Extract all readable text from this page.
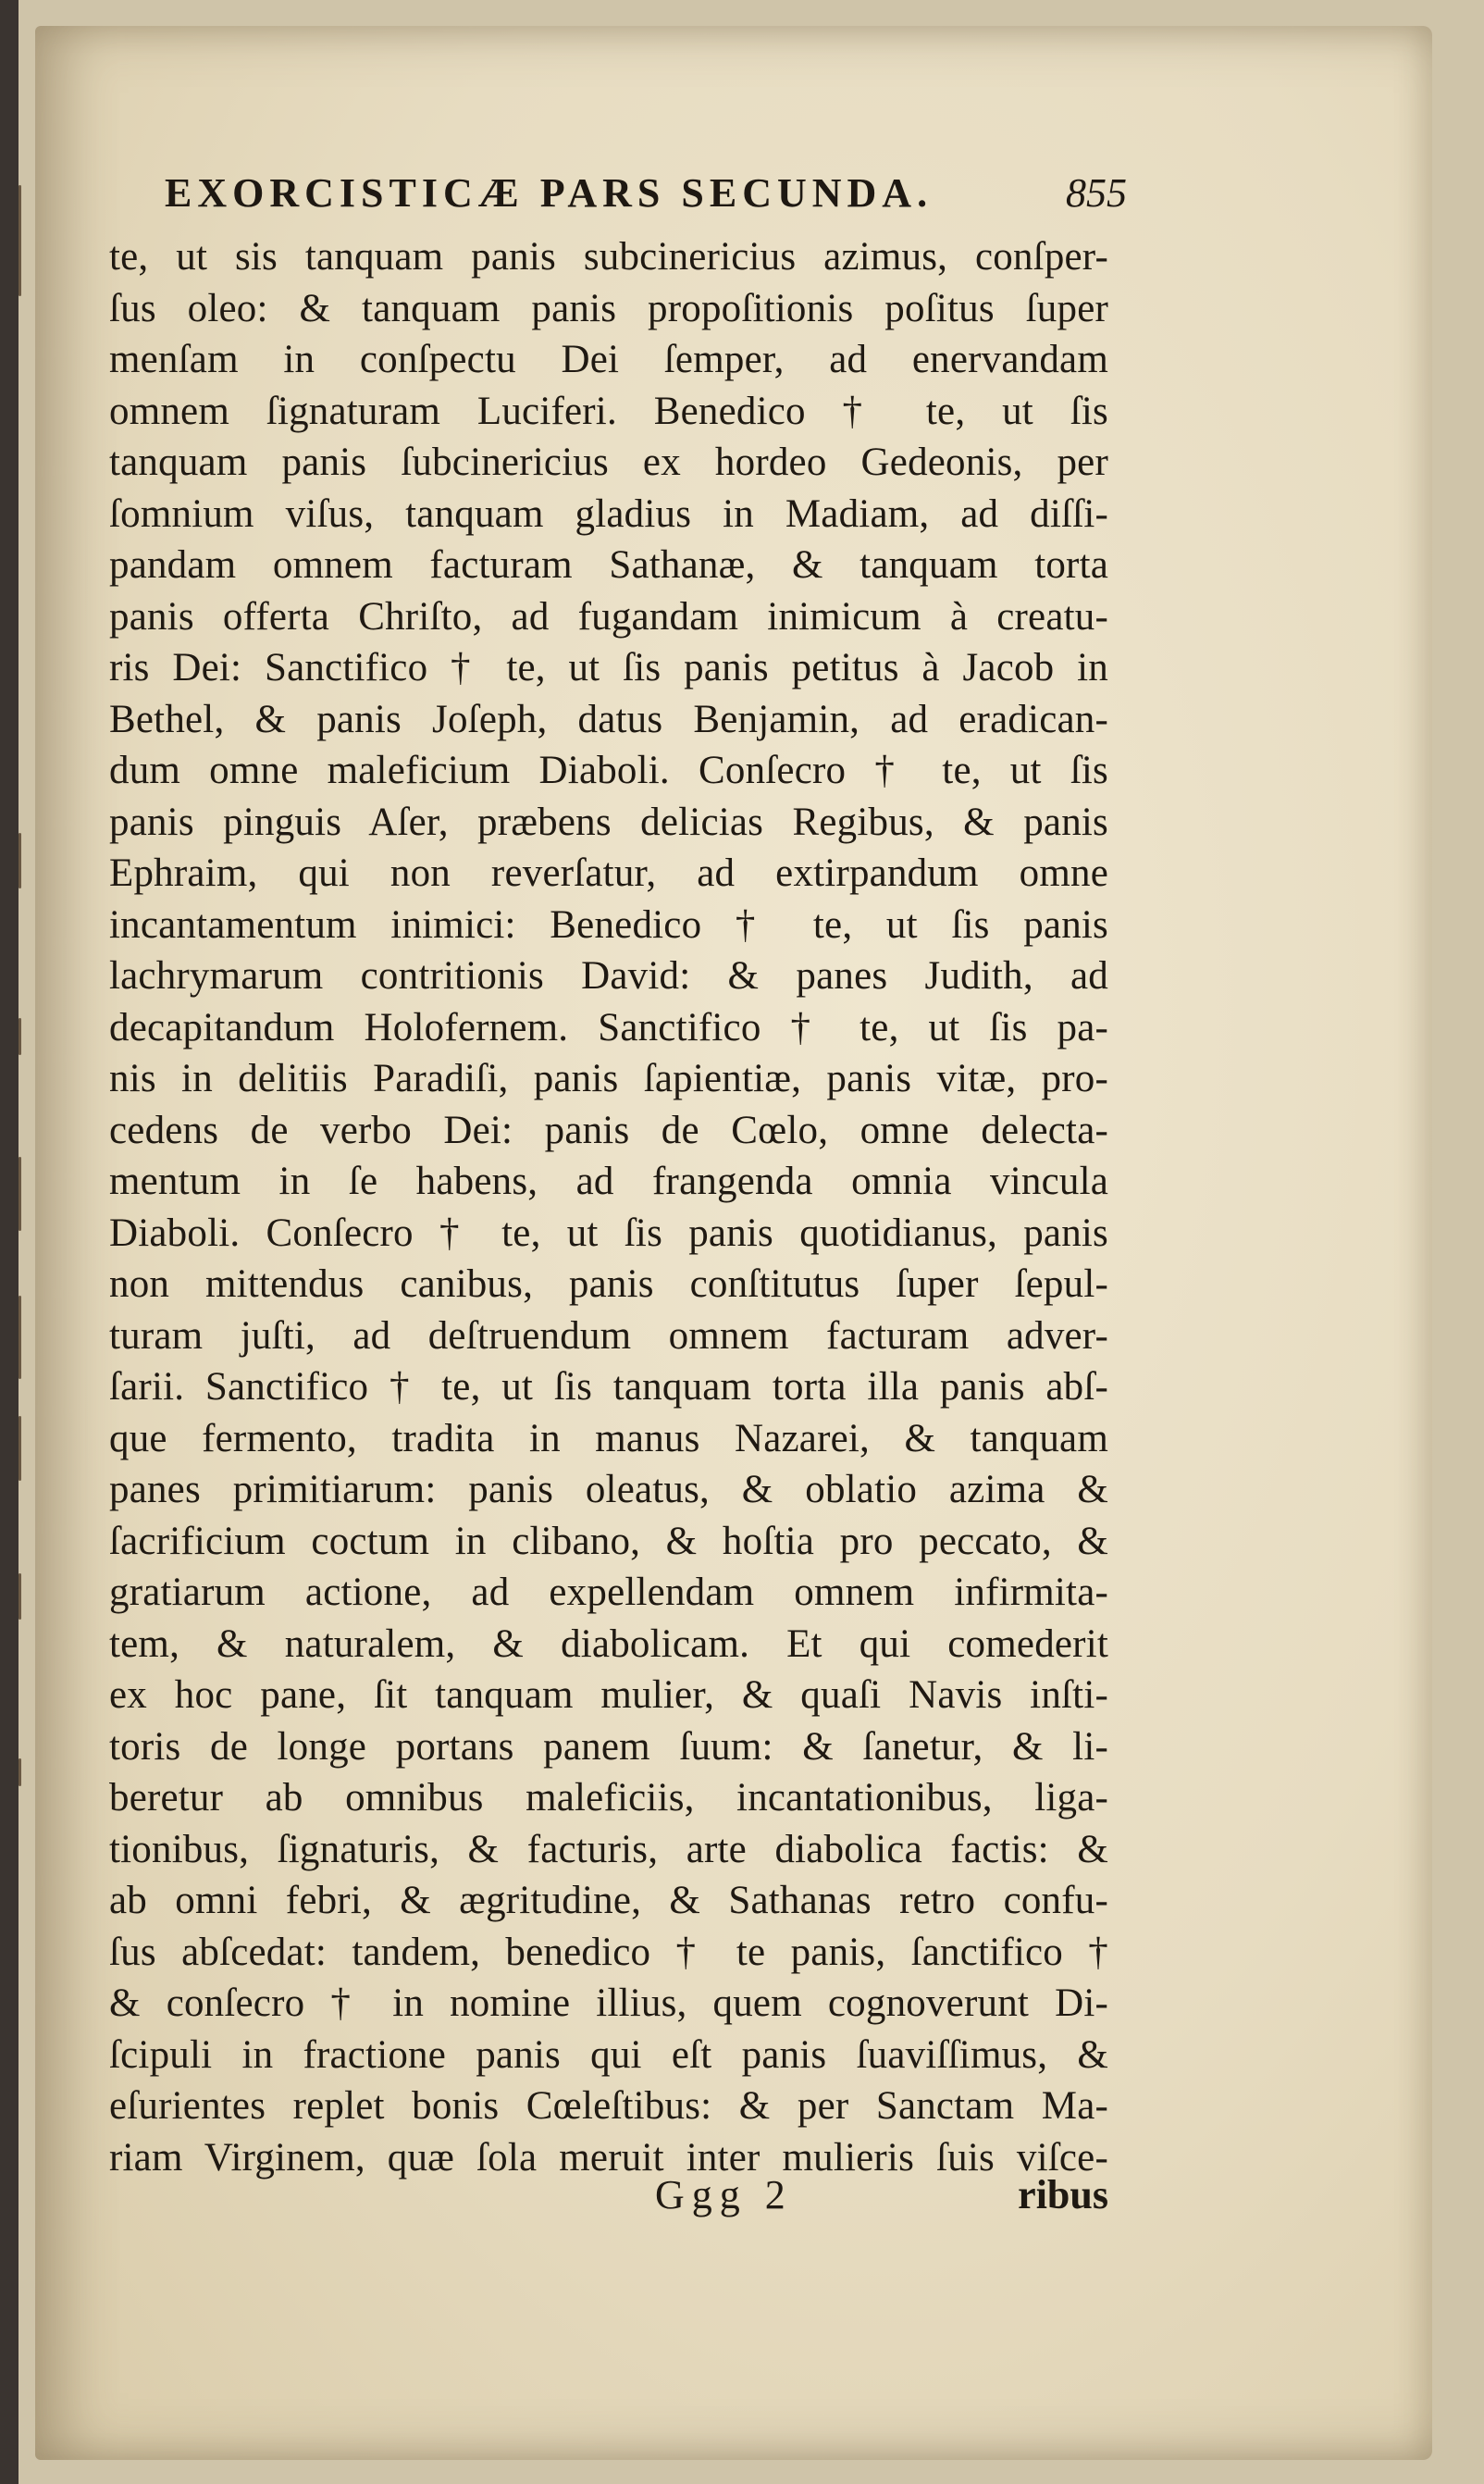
EXORCISTICÆ PARS SECUNDA.	855
te, ut sis tanquam panis subcinericius azimus, conſper-
ſus oleo: & tanquam panis propoſitionis poſitus ſuper
menſam in conſpectu Dei ſemper, ad enervandam
omnem ſignaturam Luciferi. Benedico † te, ut ſis
tanquam panis ſubcinericius ex hordeo Gedeonis, per
ſomnium viſus, tanquam gladius in Madiam, ad diſſi-
pandam omnem facturam Sathanæ, & tanquam torta
panis offerta Chriſto, ad fugandam inimicum à creatu-
ris Dei: Sanctifico † te, ut ſis panis petitus à Jacob in
Bethel, & panis Joſeph, datus Benjamin, ad eradican-
dum omne maleficium Diaboli. Conſecro † te, ut ſis
panis pinguis Aſer, præbens delicias Regibus, & panis
Ephraim, qui non reverſatur, ad extirpandum omne
incantamentum inimici: Benedico † te, ut ſis panis
lachrymarum contritionis David: & panes Judith, ad
decapitandum Holofernem. Sanctifico † te, ut ſis pa-
nis in delitiis Paradiſi, panis ſapientiæ, panis vitæ, pro-
cedens de verbo Dei: panis de Cœlo, omne delecta-
mentum in ſe habens, ad frangenda omnia vincula
Diaboli. Conſecro † te, ut ſis panis quotidianus, panis
non mittendus canibus, panis conſtitutus ſuper ſepul-
turam juſti, ad deſtruendum omnem facturam adver-
ſarii. Sanctifico † te, ut ſis tanquam torta illa panis abſ-
que fermento, tradita in manus Nazarei, & tanquam
panes primitiarum: panis oleatus, & oblatio azima &
ſacrificium coctum in clibano, & hoſtia pro peccato, &
gratiarum actione, ad expellendam omnem infirmita-
tem, & naturalem, & diabolicam. Et qui comederit
ex hoc pane, ſit tanquam mulier, & quaſi Navis inſti-
toris de longe portans panem ſuum: & ſanetur, & li-
beretur ab omnibus maleficiis, incantationibus, liga-
tionibus, ſignaturis, & facturis, arte diabolica factis: &
ab omni febri, & ægritudine, & Sathanas retro confu-
ſus abſcedat: tandem, benedico † te panis, ſanctifico †
& conſecro † in nomine illius, quem cognoverunt Di-
ſcipuli in fractione panis qui eſt panis ſuaviſſimus, &
eſurientes replet bonis Cœleſtibus: & per Sanctam Ma-
riam Virginem, quæ ſola meruit inter mulieris ſuis viſce-
Ggg 2	ribus
